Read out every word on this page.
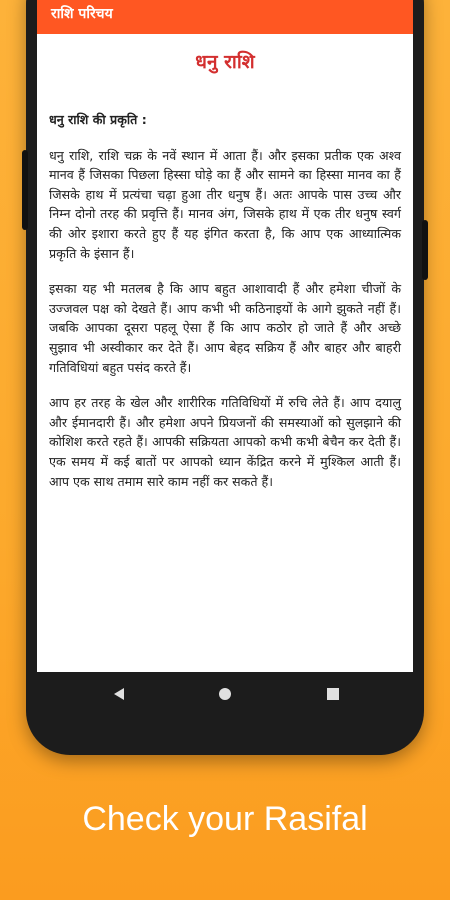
राशि परिचय
धनु राशि
धनु राशि की प्रकृति :

धनु राशि, राशि चक्र के नवें स्थान में आता हैं। और इसका प्रतीक एक अश्व मानव हैं जिसका पिछला हिस्सा घोड़े का हैं और सामने का हिस्सा मानव का हैं जिसके हाथ में प्रत्यंचा चढ़ा हुआ तीर धनुष हैं। अतः आपके पास उच्च और निम्न दोनो तरह की प्रवृत्ति हैं। मानव अंग, जिसके हाथ में एक तीर धनुष स्वर्ग की ओर इशारा करते हुए हैं यह इंगित करता है, कि आप एक आध्यात्मिक प्रकृति के इंसान हैं।

इसका यह भी मतलब है कि आप बहुत आशावादी हैं और हमेशा चीजों के उज्जवल पक्ष को देखते हैं। आप कभी भी कठिनाइयों के आगे झुकते नहीं हैं। जबकि आपका दूसरा पहलू ऐसा हैं कि आप कठोर हो जाते हैं और अच्छे सुझाव भी अस्वीकार कर देते हैं। आप बेहद सक्रिय हैं और बाहर और बाहरी गतिविधियां बहुत पसंद करते हैं।

आप हर तरह के खेल और शारीरिक गतिविधियों में रुचि लेते हैं। आप दयालु और ईमानदारी हैं। और हमेशा अपने प्रियजनों की समस्याओं को सुलझाने की कोशिश करते रहते हैं। आपकी सक्रियता आपको कभी कभी बेचैन कर देती हैं। एक समय में कई बातों पर आपको ध्यान केंद्रित करने में मुश्किल आती हैं। आप एक साथ तमाम सारे काम नहीं कर सकते हैं।

Check your Rasifal
